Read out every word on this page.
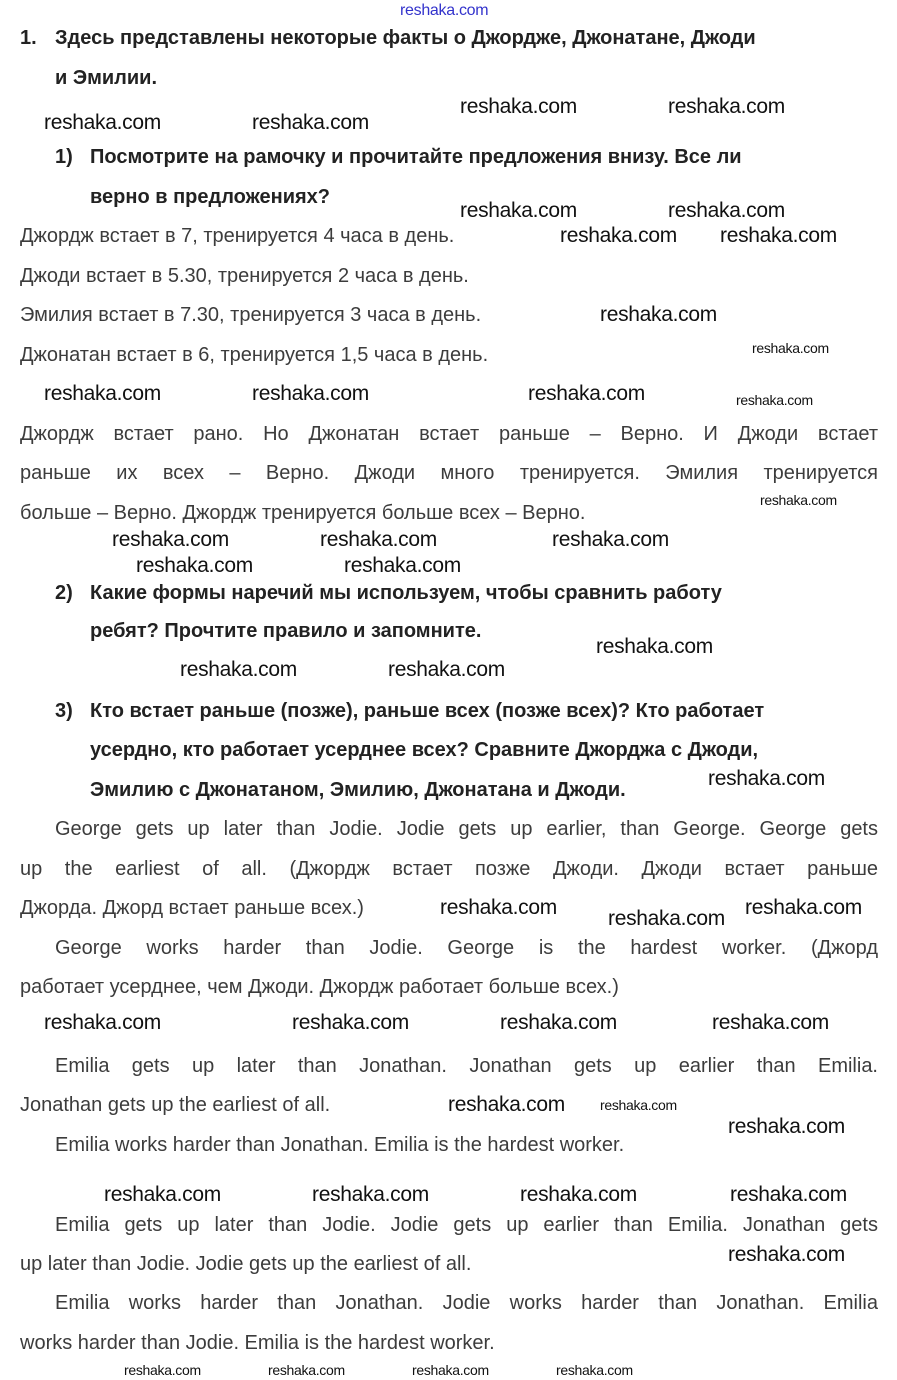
1. Здесь представлены некоторые факты о Джордже, Джонатане, Джоди
и Эмилии.
1) Посмотрите на рамочку и прочитайте предложения внизу. Все ли
верно в предложениях?
Джордж встает в 7, тренируется 4 часа в день.
Джоди встает в 5.30, тренируется 2 часа в день.
Эмилия встает в 7.30, тренируется 3 часа в день.
Джонатан встает в 6, тренируется 1,5 часа в день.
Джордж встает рано. Но Джонатан встает раньше – Верно. И Джоди встает
раньше их всех – Верно. Джоди много тренируется. Эмилия тренируется
больше – Верно. Джордж тренируется больше всех – Верно.
2) Какие формы наречий мы используем, чтобы сравнить работу
ребят? Прочтите правило и запомните.
3) Кто встает раньше (позже), раньше всех (позже всех)? Кто работает
усердно, кто работает усерднее всех? Сравните Джорджа с Джоди,
Эмилию с Джонатаном, Эмилию, Джонатана и Джоди.
George gets up later than Jodie. Jodie gets up earlier, than George. George gets
up the earliest of all. (Джордж встает позже Джоди. Джоди встает раньше
Джорда. Джорд встает раньше всех.)
George works harder than Jodie. George is the hardest worker. (Джорд
работает усерднее, чем Джоди. Джордж работает больше всех.)
Emilia gets up later than Jonathan. Jonathan gets up earlier than Emilia.
Jonathan gets up the earliest of all.
Emilia works harder than Jonathan. Emilia is the hardest worker.
Emilia gets up later than Jodie. Jodie gets up earlier than Emilia. Jonathan gets
up later than Jodie. Jodie gets up the earliest of all.
Emilia works harder than Jonathan. Jodie works harder than Jonathan. Emilia
works harder than Jodie. Emilia is the hardest worker.
reshaka.com
reshaka.com	reshaka.com
reshaka.com	reshaka.com
reshaka.com reshaka.com
reshaka.com	reshaka.com
reshaka.com
reshaka.com	reshaka.com	reshaka.com
reshaka.com	reshaka.com	reshaka.com
reshaka.com	reshaka.com
reshaka.com
reshaka.com	reshaka.com
reshaka.com
reshaka.com	reshaka.com
reshaka.com
reshaka.com	reshaka.com	reshaka.com	reshaka.com
reshaka.com
reshaka.com
reshaka.com	reshaka.com	reshaka.com	reshaka.com
reshaka.com
reshaka.com
reshaka.com
reshaka.com
reshaka.com
reshaka.com	reshaka.com	reshaka.com	reshaka.com
